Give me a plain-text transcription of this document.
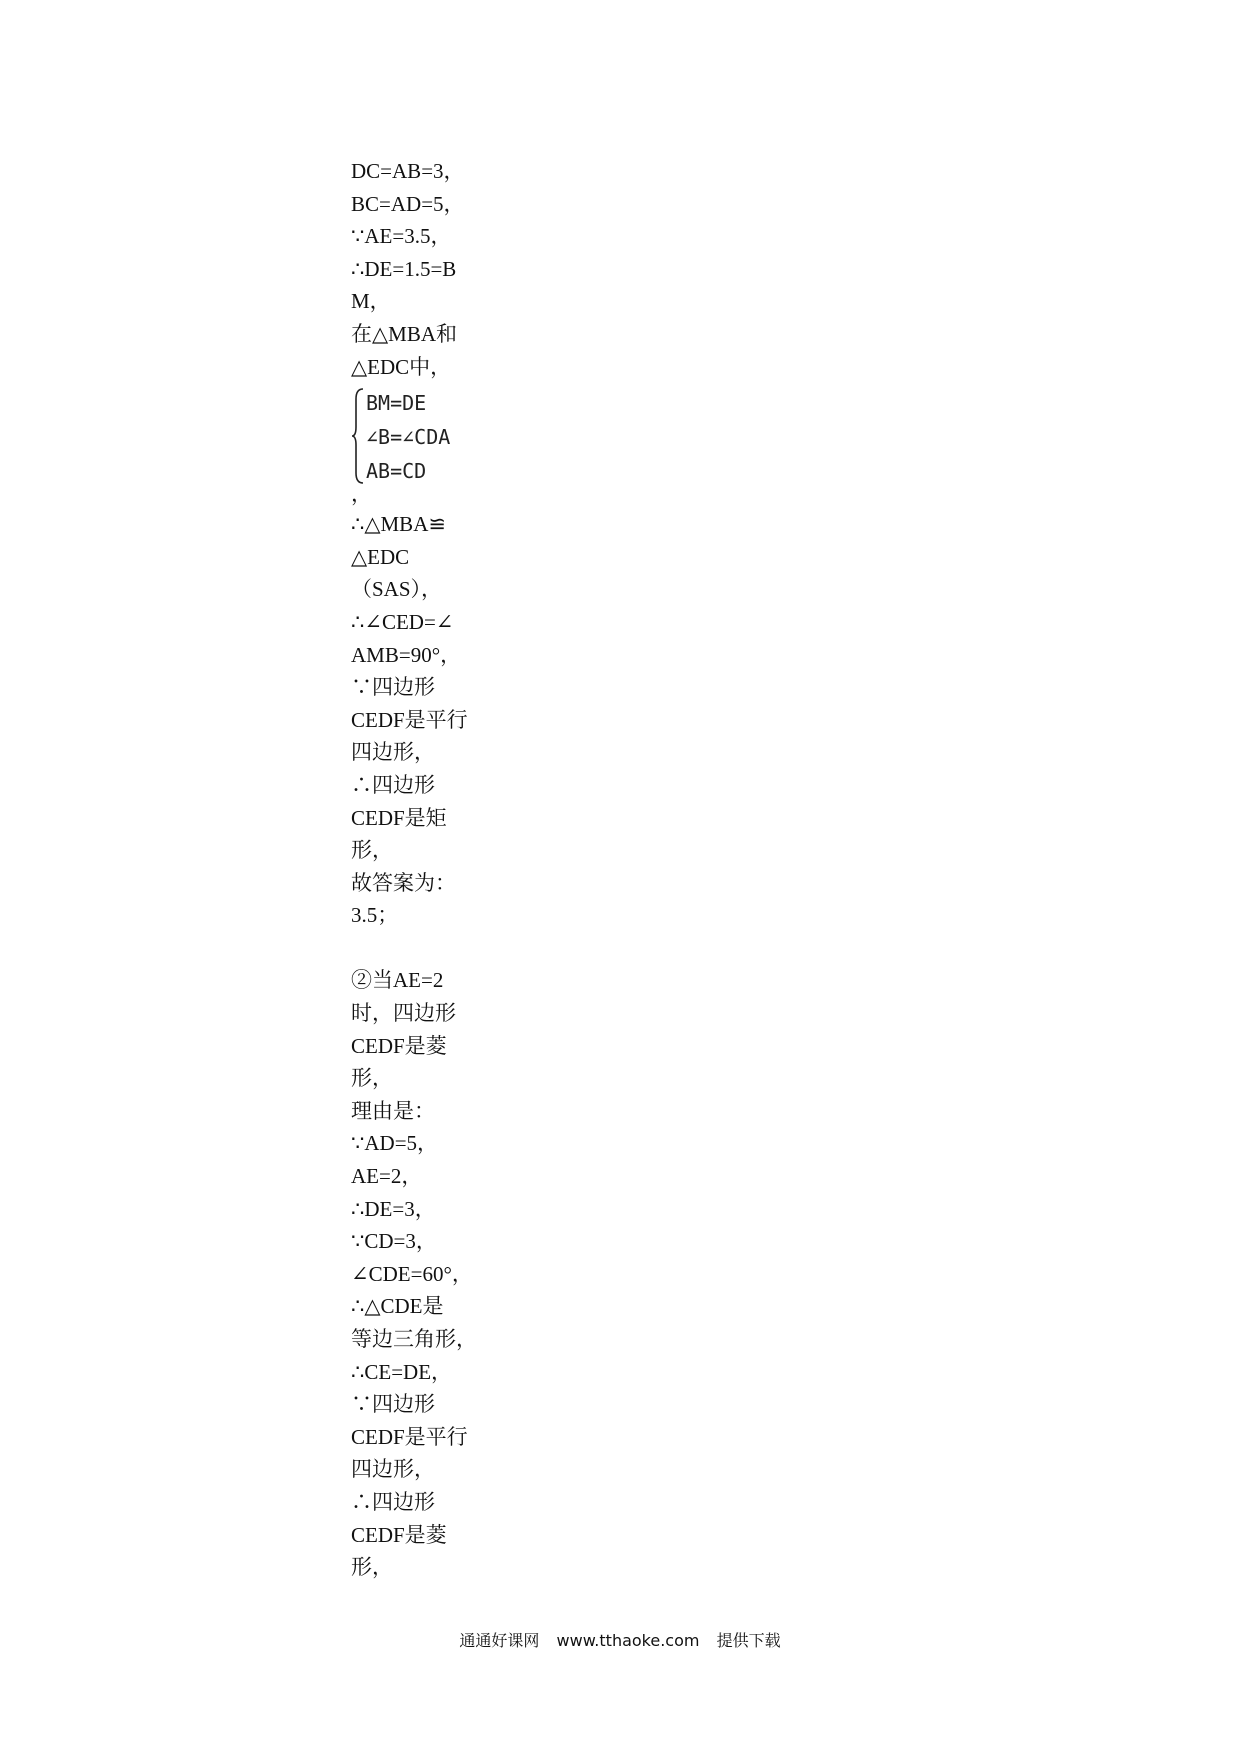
DC=AB=3，
BC=AD=5，
∵AE=3.5，
∴DE=1.5=B
M，
在△MBA和
△EDC中，
BM=DE
∠B=∠CDA
AB=CD
，
∴△MBA≌
△EDC
（SAS），
∴∠CED=∠
AMB=90°，
∵四边形
CEDF是平行
四边形，
∴四边形
CEDF是矩
形，
故答案为：
3.5；
②当AE=2
时，四边形
CEDF是菱
形，
理由是：
∵AD=5，
AE=2，
∴DE=3，
∵CD=3，
∠CDE=60°，
∴△CDE是
等边三角形，
∴CE=DE，
∵四边形
CEDF是平行
四边形，
∴四边形
CEDF是菱
形，
通通好课网 www.tthaoke.com 提供下载
